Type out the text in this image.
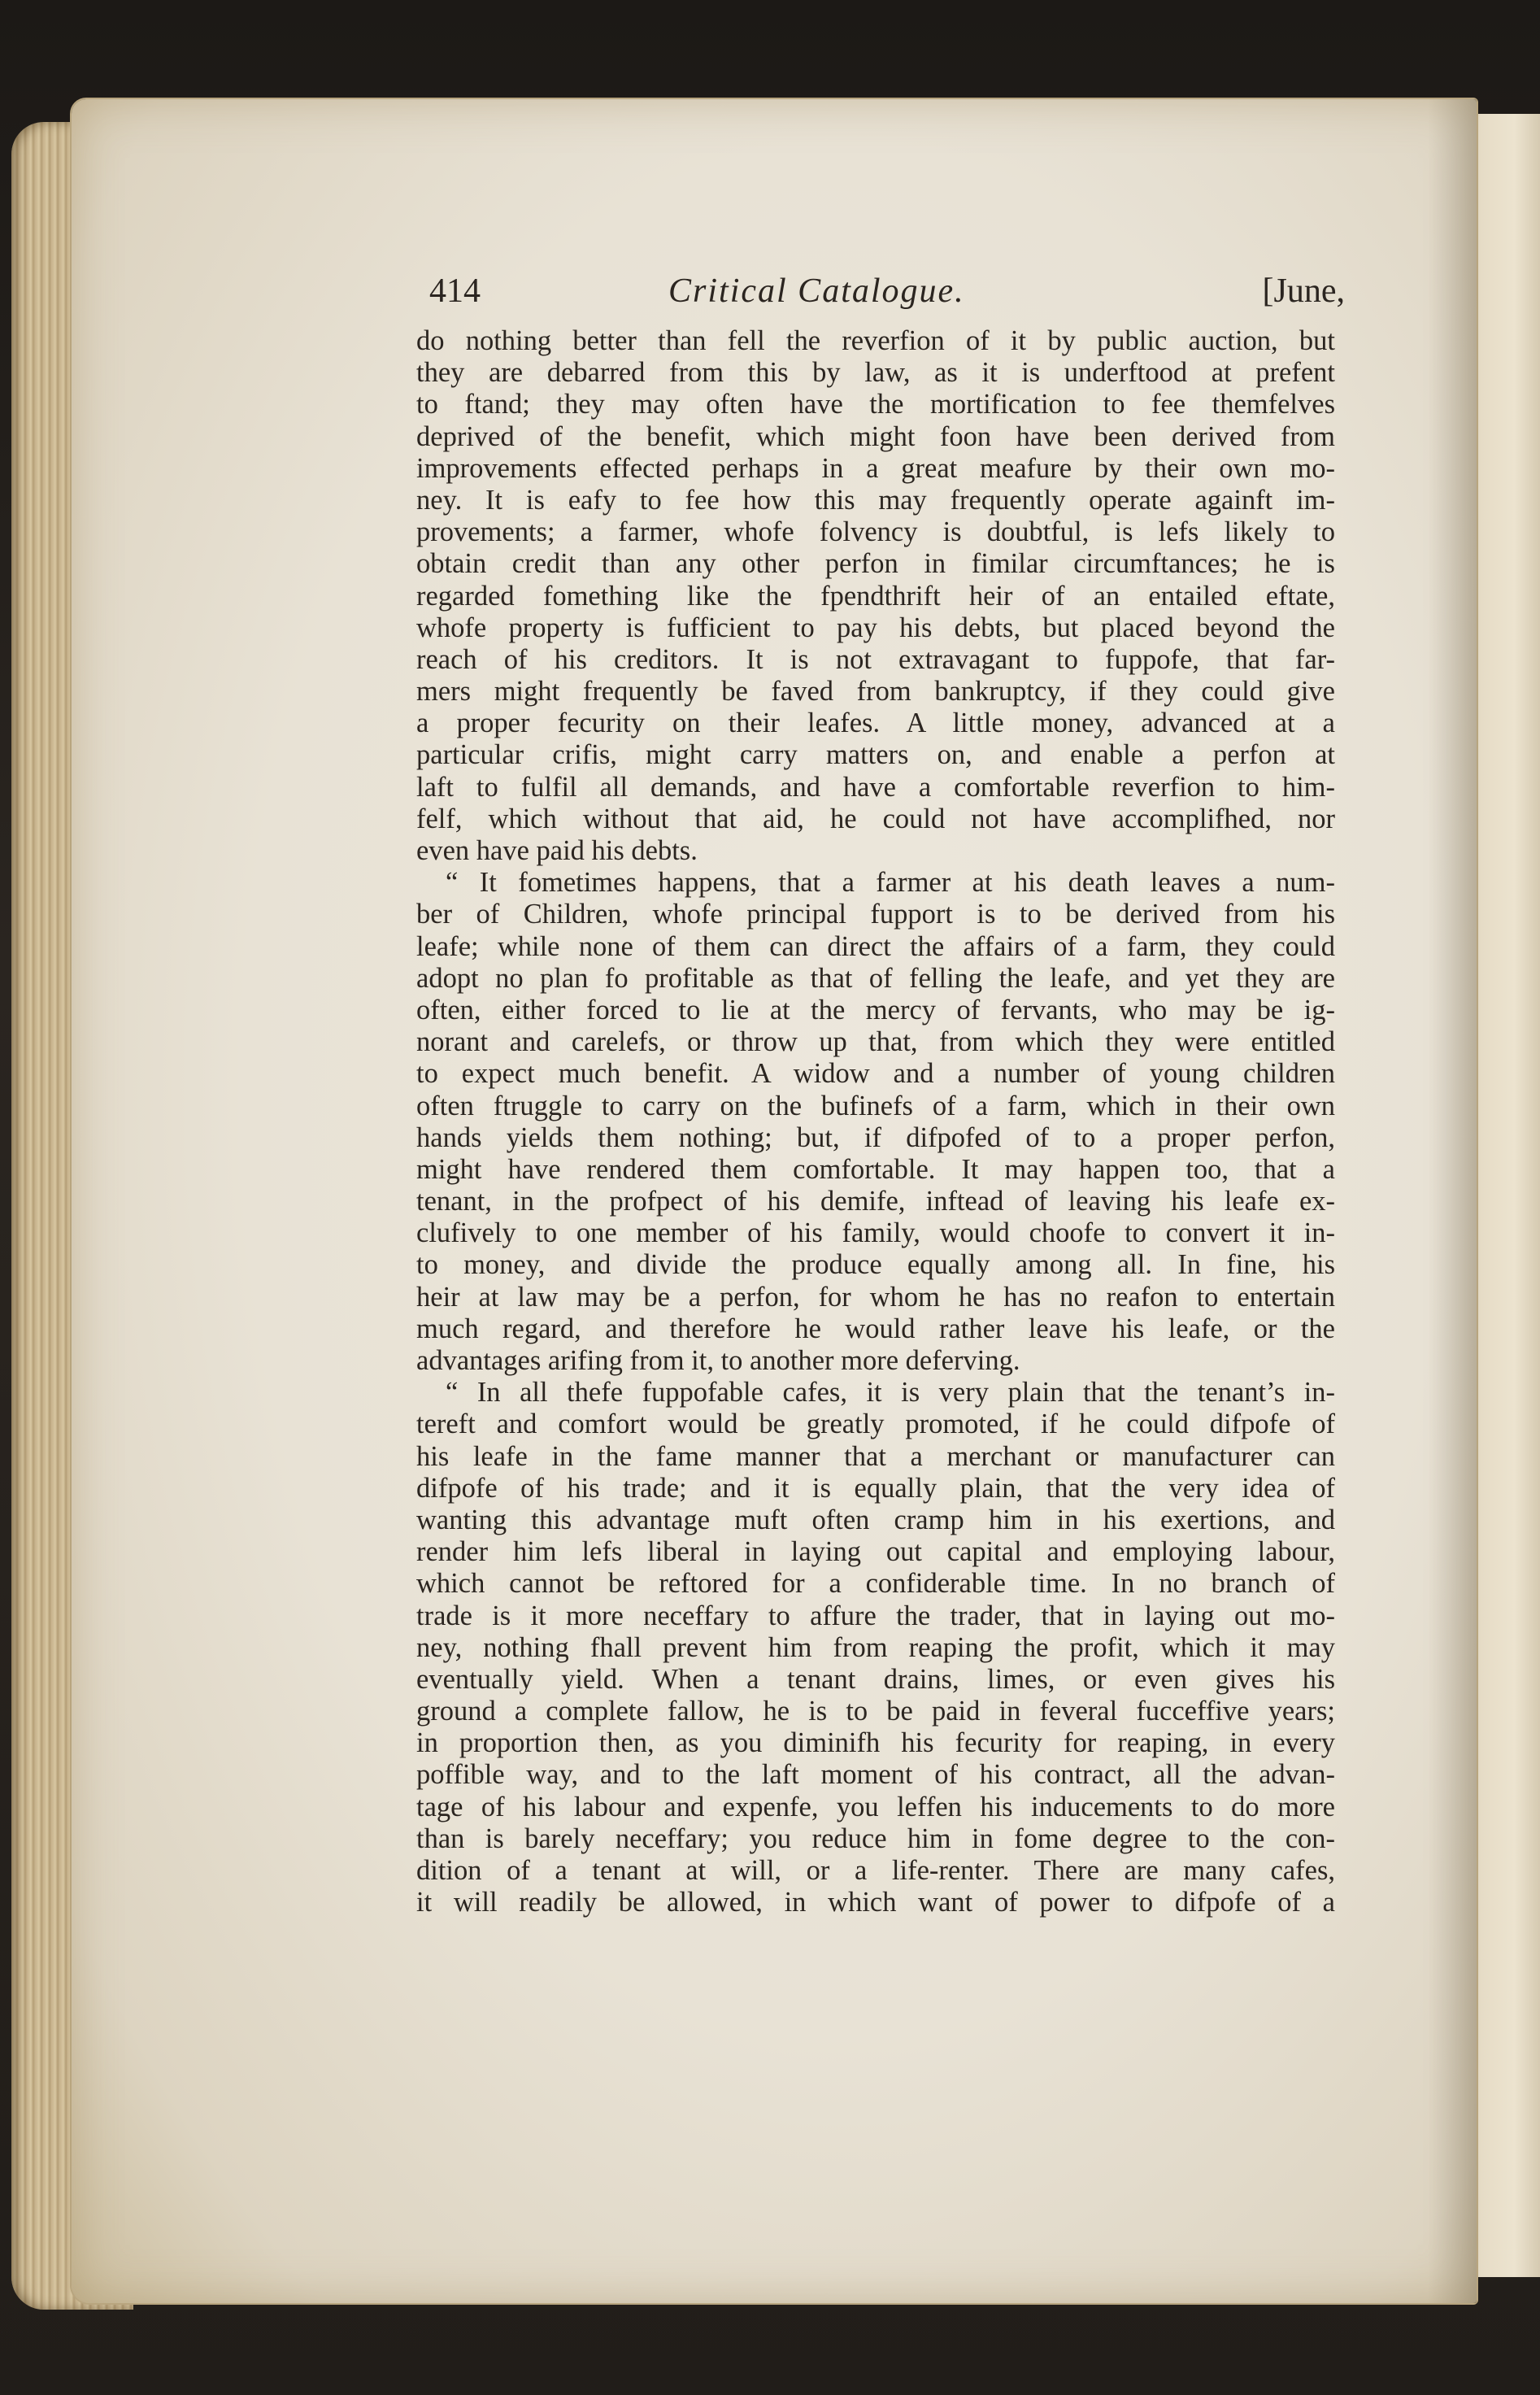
414	Critical Catalogue.	[June,
do nothing better than fell the reverfion of it by public auction, but
they are debarred from this by law, as it is underftood at prefent
to ftand; they may often have the mortification to fee themfelves
deprived of the benefit, which might foon have been derived from
improvements effected perhaps in a great meafure by their own mo-
ney. It is eafy to fee how this may frequently operate againft im-
provements; a farmer, whofe folvency is doubtful, is lefs likely to
obtain credit than any other perfon in fimilar circumftances; he is
regarded fomething like the fpendthrift heir of an entailed eftate,
whofe property is fufficient to pay his debts, but placed beyond the
reach of his creditors. It is not extravagant to fuppofe, that far-
mers might frequently be faved from bankruptcy, if they could give
a proper fecurity on their leafes. A little money, advanced at a
particular crifis, might carry matters on, and enable a perfon at
laft to fulfil all demands, and have a comfortable reverfion to him-
felf, which without that aid, he could not have accomplifhed, nor
even have paid his debts.
“ It fometimes happens, that a farmer at his death leaves a num-
ber of Children, whofe principal fupport is to be derived from his
leafe; while none of them can direct the affairs of a farm, they could
adopt no plan fo profitable as that of felling the leafe, and yet they are
often, either forced to lie at the mercy of fervants, who may be ig-
norant and carelefs, or throw up that, from which they were entitled
to expect much benefit. A widow and a number of young children
often ftruggle to carry on the bufinefs of a farm, which in their own
hands yields them nothing; but, if difpofed of to a proper perfon,
might have rendered them comfortable. It may happen too, that a
tenant, in the profpect of his demife, inftead of leaving his leafe ex-
clufively to one member of his family, would choofe to convert it in-
to money, and divide the produce equally among all. In fine, his
heir at law may be a perfon, for whom he has no reafon to entertain
much regard, and therefore he would rather leave his leafe, or the
advantages arifing from it, to another more deferving.
“ In all thefe fuppofable cafes, it is very plain that the tenant’s in-
tereft and comfort would be greatly promoted, if he could difpofe of
his leafe in the fame manner that a merchant or manufacturer can
difpofe of his trade; and it is equally plain, that the very idea of
wanting this advantage muft often cramp him in his exertions, and
render him lefs liberal in laying out capital and employing labour,
which cannot be reftored for a confiderable time. In no branch of
trade is it more neceffary to affure the trader, that in laying out mo-
ney, nothing fhall prevent him from reaping the profit, which it may
eventually yield. When a tenant drains, limes, or even gives his
ground a complete fallow, he is to be paid in feveral fucceffive years;
in proportion then, as you diminifh his fecurity for reaping, in every
poffible way, and to the laft moment of his contract, all the advan-
tage of his labour and expenfe, you leffen his inducements to do more
than is barely neceffary; you reduce him in fome degree to the con-
dition of a tenant at will, or a life-renter. There are many cafes,
it will readily be allowed, in which want of power to difpofe of a
